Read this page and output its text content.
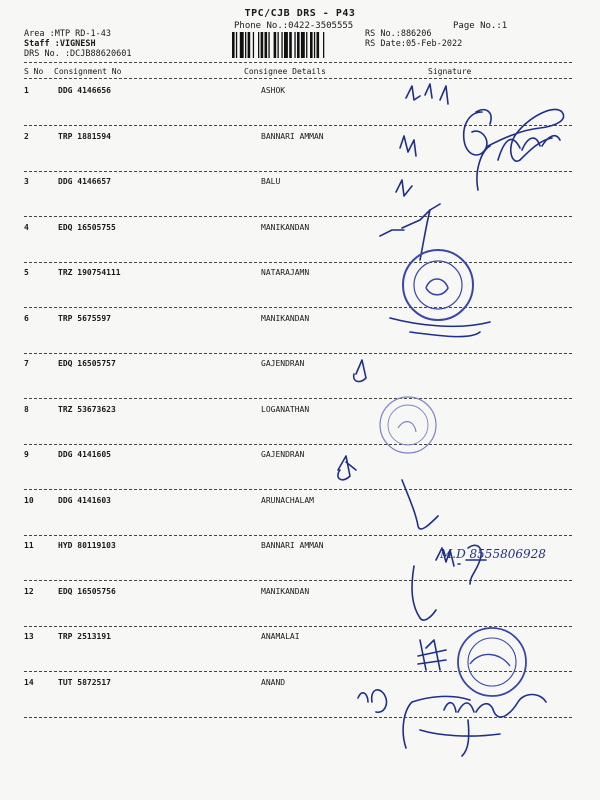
TPC/CJB DRS - P43
Phone No.:0422-3505555	Page No.:1
Area :MTP RD-1-43
Staff :VIGNESH
DRS No. :DCJB88620601
RS No.:886206
RS Date:05-Feb-2022
S No Consignment No	Consignee Details	Signature
1	DDG 4146656	ASHOK
2	TRP 1881594	BANNARI AMMAN
3	DDG 4146657	BALU
4	EDQ 16505755	MANIKANDAN
5	TRZ 190754111	NATARAJAMN
6	TRP 5675597	MANIKANDAN
7	EDQ 16505757	GAJENDRAN
8	TRZ 53673623	LOGANATHAN
9	DDG 4141605	GAJENDRAN
10	DDG 4141603	ARUNACHALAM
11	HYD 80119103	BANNARI AMMAN
12	EDQ 16505756	MANIKANDAN
13	TRP 2513191	ANAMALAI
14	TUT 5872517	ANAND
M.D 8555806928
